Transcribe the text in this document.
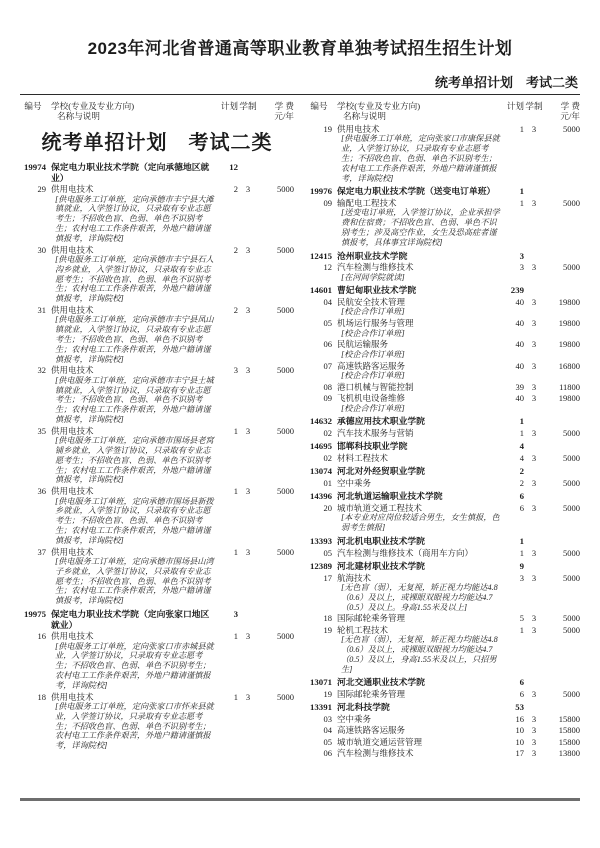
2023年河北省普通高等职业教育单独考试招生招生计划
统考单招计划　考试二类
编号	学校(专业及专业方向)
名称与说明
计划 学制	学 费
元/年
编号	学校(专业及专业方向)
名称与说明
计划 学制	学 费
元/年
统考单招计划　考试二类
19974 保定电力职业技术学院（定向承德地区就业）
12
29 供用电技术
[供电服务工订单班，定向承德市丰宁县大滩镇就业，入学签订协议，只录取有专业志愿考生；不招收色盲、色弱、单色不识别考生；农村电工工作条件艰苦，外地户籍请谨慎报考，详询院校]
2 3	5000
30 供用电技术
[供电服务工订单班，定向承德市丰宁县石人沟乡就业，入学签订协议，只录取有专业志愿考生；不招收色盲、色弱、单色不识别考生；农村电工工作条件艰苦，外地户籍请谨慎报考，详询院校]
2 3	5000
31 供用电技术
[供电服务工订单班，定向承德市丰宁县凤山镇就业，入学签订协议，只录取有专业志愿考生；不招收色盲、色弱、单色不识别考生；农村电工工作条件艰苦，外地户籍请谨慎报考，详询院校]
2 3	5000
32 供用电技术
[供电服务工订单班，定向承德市丰宁县土城镇就业，入学签订协议，只录取有专业志愿考生；不招收色盲、色弱、单色不识别考生；农村电工工作条件艰苦，外地户籍请谨慎报考，详询院校]
3 3	5000
35 供用电技术
[供电服务工订单班，定向承德市围场县老窝铺乡就业，入学签订协议，只录取有专业志愿考生；不招收色盲、色弱、单色不识别考生；农村电工工作条件艰苦，外地户籍请谨慎报考，详询院校]
1 3	5000
36 供用电技术
[供电服务工订单班，定向承德市围场县新拨乡就业，入学签订协议，只录取有专业志愿考生；不招收色盲、色弱、单色不识别考生；农村电工工作条件艰苦，外地户籍请谨慎报考，详询院校]
1 3	5000
37 供用电技术
[供电服务工订单班，定向承德市围场县山湾子乡就业，入学签订协议，只录取有专业志愿考生；不招收色盲、色弱、单色不识别考生；农村电工工作条件艰苦，外地户籍请谨慎报考，详询院校]
1 3	5000
19975 保定电力职业技术学院（定向张家口地区就业）
3
16 供用电技术
[供电服务工订单班，定向张家口市赤城县就业，入学签订协议，只录取有专业志愿考生；不招收色盲、色弱、单色不识别考生；农村电工工作条件艰苦，外地户籍请谨慎报考，详询院校]
1 3	5000
18 供用电技术
[供电服务工订单班，定向张家口市怀来县就业，入学签订协议，只录取有专业志愿考生；不招收色盲、色弱、单色不识别考生；农村电工工作条件艰苦，外地户籍请谨慎报考，详询院校]
1 3	5000
19 供用电技术
[供电服务工订单班，定向张家口市康保县就业，入学签订协议，只录取有专业志愿考生；不招收色盲、色弱、单色不识别考生；农村电工工作条件艰苦，外地户籍请谨慎报考，详询院校]
1 3	5000
19976 保定电力职业技术学院（送变电订单班）	1
09 输配电工程技术
[送变电订单班，入学签订协议，企业承担学费和住宿费；不招收色盲、色弱、单色不识别考生；涉及高空作业，女生及恐高症者谨慎报考，具体事宜详询院校]
1 3	5000
12415 沧州职业技术学院	3
12 汽车检测与维修技术
[在河间学院就读]
3 3	5000
14601 曹妃甸职业技术学院	239
04 民航安全技术管理
[校企合作订单班]
40 3	19800
05 机场运行服务与管理
[校企合作订单班]
40 3	19800
06 民航运输服务
[校企合作订单班]
40 3	19800
07 高速铁路客运服务
[校企合作订单班]
40 3	16800
08 港口机械与智能控制	39 3	11800
09 飞机机电设备维修
[校企合作订单班]
40 3	19800
14632 承德应用技术职业学院	1
02 汽车技术服务与营销	1 3	5000
14695 邯郸科技职业学院	4
02 材料工程技术	4 3	5000
13074 河北对外经贸职业学院	2
01 空中乘务	2 3	5000
14396 河北轨道运输职业技术学院	6
20 城市轨道交通工程技术
[本专业对应岗位较适合男生，女生慎报，色弱考生慎报]
6 3	5000
13393 河北机电职业技术学院	1
05 汽车检测与维修技术（商用车方向）	1 3	5000
12389 河北建材职业技术学院	9
17 航海技术
[无色盲（弱），无复视，矫正视力均能达4.8（0.6）及以上，或裸眼双眼视力均能达4.7（0.5）及以上。身高1.55米及以上]
3 3	5000
18 国际邮轮乘务管理	5 3	5000
19 轮机工程技术
[无色盲（弱），无复视，矫正视力均能达4.8（0.6）及以上，或裸眼双眼视力均能达4.7（0.5）及以上，身高1.55米及以上，只招男生]
1 3	5000
13071 河北交通职业技术学院	6
19 国际邮轮乘务管理	6 3	5000
13391 河北科技学院	53
03 空中乘务	16 3	15800
04 高速铁路客运服务	10 3	15800
05 城市轨道交通运营管理	10 3	15800
06 汽车检测与维修技术	17 3	13800
